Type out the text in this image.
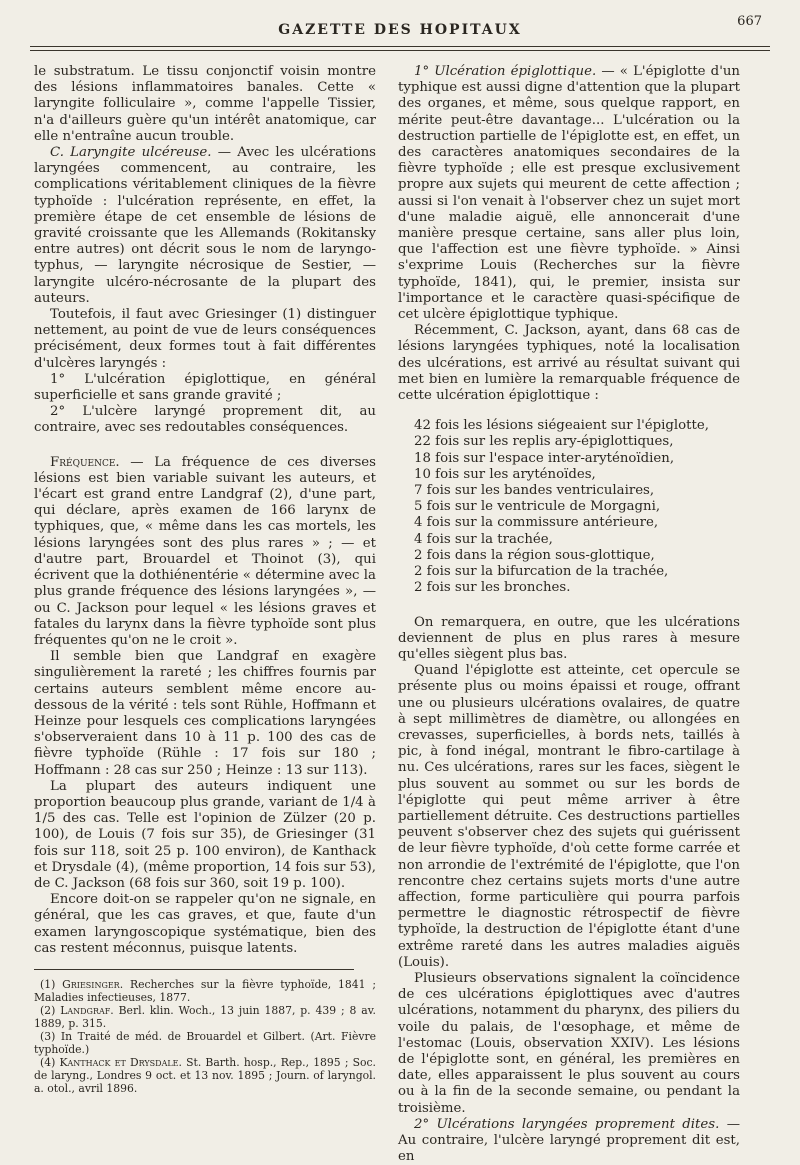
667
GAZETTE DES HOPITAUX

le substratum. Le tissu conjonctif voisin montre des lésions inflammatoires banales. Cette « laryngite folliculaire », comme l'appelle Tissier, n'a d'ailleurs guère qu'un intérêt anatomique, car elle n'entraîne aucun trouble.

C. Laryngite ulcéreuse. — Avec les ulcérations laryngées commencent, au contraire, les complications véritablement cliniques de la fièvre typhoïde : l'ulcération représente, en effet, la première étape de cet ensemble de lésions de gravité croissante que les Allemands (Rokitansky entre autres) ont décrit sous le nom de laryngo-typhus, — laryngite nécrosique de Sestier, — laryngite ulcéro-nécrosante de la plupart des auteurs.

Toutefois, il faut avec Griesinger (1) distinguer nettement, au point de vue de leurs conséquences précisément, deux formes tout à fait différentes d'ulcères laryngés :

1° L'ulcération épiglottique, en général superficielle et sans grande gravité ;

2° L'ulcère laryngé proprement dit, au contraire, avec ses redoutables conséquences.

Fréquence. — La fréquence de ces diverses lésions est bien variable suivant les auteurs, et l'écart est grand entre Landgraf (2), d'une part, qui déclare, après examen de 166 larynx de typhiques, que, « même dans les cas mortels, les lésions laryngées sont des plus rares » ; — et d'autre part, Brouardel et Thoinot (3), qui écrivent que la dothiénentérie « détermine avec la plus grande fréquence des lésions laryngées », — ou C. Jackson pour lequel « les lésions graves et fatales du larynx dans la fièvre typhoïde sont plus fréquentes qu'on ne le croit ».

Il semble bien que Landgraf en exagère singulièrement la rareté ; les chiffres fournis par certains auteurs semblent même encore au-dessous de la vérité : tels sont Rühle, Hoffmann et Heinze pour lesquels ces complications laryngées s'observeraient dans 10 à 11 p. 100 des cas de fièvre typhoïde (Rühle : 17 fois sur 180 ; Hoffmann : 28 cas sur 250 ; Heinze : 13 sur 113).

La plupart des auteurs indiquent une proportion beaucoup plus grande, variant de 1/4 à 1/5 des cas. Telle est l'opinion de Zülzer (20 p. 100), de Louis (7 fois sur 35), de Griesinger (31 fois sur 118, soit 25 p. 100 environ), de Kanthack et Drysdale (4), (même proportion, 14 fois sur 53), de C. Jackson (68 fois sur 360, soit 19 p. 100).

Encore doit-on se rappeler qu'on ne signale, en général, que les cas graves, et que, faute d'un examen laryngoscopique systématique, bien des cas restent méconnus, puisque latents.

(1) Griesinger. Recherches sur la fièvre typhoïde, 1841 ; Maladies infectieuses, 1877.

(2) Landgraf. Berl. klin. Woch., 13 juin 1887, p. 439 ; 8 av. 1889, p. 315.

(3) In Traité de méd. de Brouardel et Gilbert. (Art. Fièvre typhoïde.)

(4) Kanthack et Drysdale. St. Barth. hosp., Rep., 1895 ; Soc. de laryng., Londres 9 oct. et 13 nov. 1895 ; Journ. of laryngol. a. otol., avril 1896.

1° Ulcération épiglottique. — « L'épiglotte d'un typhique est aussi digne d'attention que la plupart des organes, et même, sous quelque rapport, en mérite peut-être davantage... L'ulcération ou la destruction partielle de l'épiglotte est, en effet, un des caractères anatomiques secondaires de la fièvre typhoïde ; elle est presque exclusivement propre aux sujets qui meurent de cette affection ; aussi si l'on venait à l'observer chez un sujet mort d'une maladie aiguë, elle annoncerait d'une manière presque certaine, sans aller plus loin, que l'affection est une fièvre typhoïde. » Ainsi s'exprime Louis (Recherches sur la fièvre typhoïde, 1841), qui, le premier, insista sur l'importance et le caractère quasi-spécifique de cet ulcère épiglottique typhique.

Récemment, C. Jackson, ayant, dans 68 cas de lésions laryngées typhiques, noté la localisation des ulcérations, est arrivé au résultat suivant qui met bien en lumière la remarquable fréquence de cette ulcération épiglottique :

42 fois les lésions siégeaient sur l'épiglotte,
22 fois sur les replis ary-épiglottiques,
18 fois sur l'espace inter-aryténoïdien,
10 fois sur les aryténoïdes,
7 fois sur les bandes ventriculaires,
5 fois sur le ventricule de Morgagni,
4 fois sur la commissure antérieure,
4 fois sur la trachée,
2 fois dans la région sous-glottique,
2 fois sur la bifurcation de la trachée,
2 fois sur les bronches.

On remarquera, en outre, que les ulcérations deviennent de plus en plus rares à mesure qu'elles siègent plus bas.

Quand l'épiglotte est atteinte, cet opercule se présente plus ou moins épaissi et rouge, offrant une ou plusieurs ulcérations ovalaires, de quatre à sept millimètres de diamètre, ou allongées en crevasses, superficielles, à bords nets, taillés à pic, à fond inégal, montrant le fibro-cartilage à nu. Ces ulcérations, rares sur les faces, siègent le plus souvent au sommet ou sur les bords de l'épiglotte qui peut même arriver à être partiellement détruite. Ces destructions partielles peuvent s'observer chez des sujets qui guérissent de leur fièvre typhoïde, d'où cette forme carrée et non arrondie de l'extrémité de l'épiglotte, que l'on rencontre chez certains sujets morts d'une autre affection, forme particulière qui pourra parfois permettre le diagnostic rétrospectif de fièvre typhoïde, la destruction de l'épiglotte étant d'une extrême rareté dans les autres maladies aiguës (Louis).

Plusieurs observations signalent la coïncidence de ces ulcérations épiglottiques avec d'autres ulcérations, notamment du pharynx, des piliers du voile du palais, de l'œsophage, et même de l'estomac (Louis, observation XXIV). Les lésions de l'épiglotte sont, en général, les premières en date, elles apparaissent le plus souvent au cours ou à la fin de la seconde semaine, ou pendant la troisième.

2° Ulcérations laryngées proprement dites. — Au contraire, l'ulcère laryngé proprement dit est, en
